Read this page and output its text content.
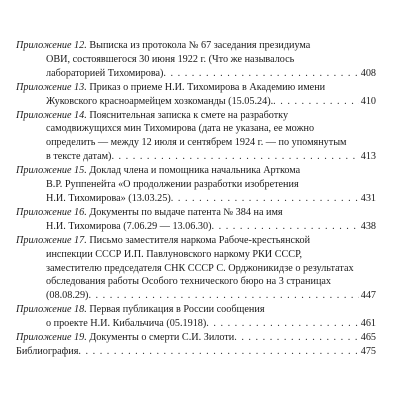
Приложение 12. Выписка из протокола № 67 заседания президиума
ОВИ, состоявшегося 30 июня 1922 г. (Что же называлось
лабораторией Тихомирова) . . .	408
Приложение 13. Приказ о приеме Н.И. Тихомирова в Академию имени
Жуковского красноармейцем хозкоманды (15.05.24). . . .	410
Приложение 14. Пояснительная записка к смете на разработку
самодвижущихся мин Тихомирова (дата не указана, ее можно
определить — между 12 июля и сентябрем 1924 г. — по упомянутым
в тексте датам) . . .	413
Приложение 15. Доклад члена и помощника начальника Арткома
В.Р. Руппенейта «О продолжении разработки изобретения
Н.И. Тихомирова» (13.03.25) . . .	431
Приложение 16. Документы по выдаче патента № 384 на имя
Н.И. Тихомирова (7.06.29 — 13.06.30) . . .	438
Приложение 17. Письмо заместителя наркома Рабоче-крестьянской
инспекции СССР И.П. Павлуновского наркому РКИ СССР,
заместителю председателя СНК СССР С. Орджоникидзе о результатах
обследования работы Особого технического бюро на 3 страницах
(08.08.29) . . .	447
Приложение 18. Первая публикация в России сообщения
о проекте Н.И. Кибальчича (05.1918) . . .	461
Приложение 19. Документы о смерти С.И. Зилоти . . .	465
Библиография . . .	475
